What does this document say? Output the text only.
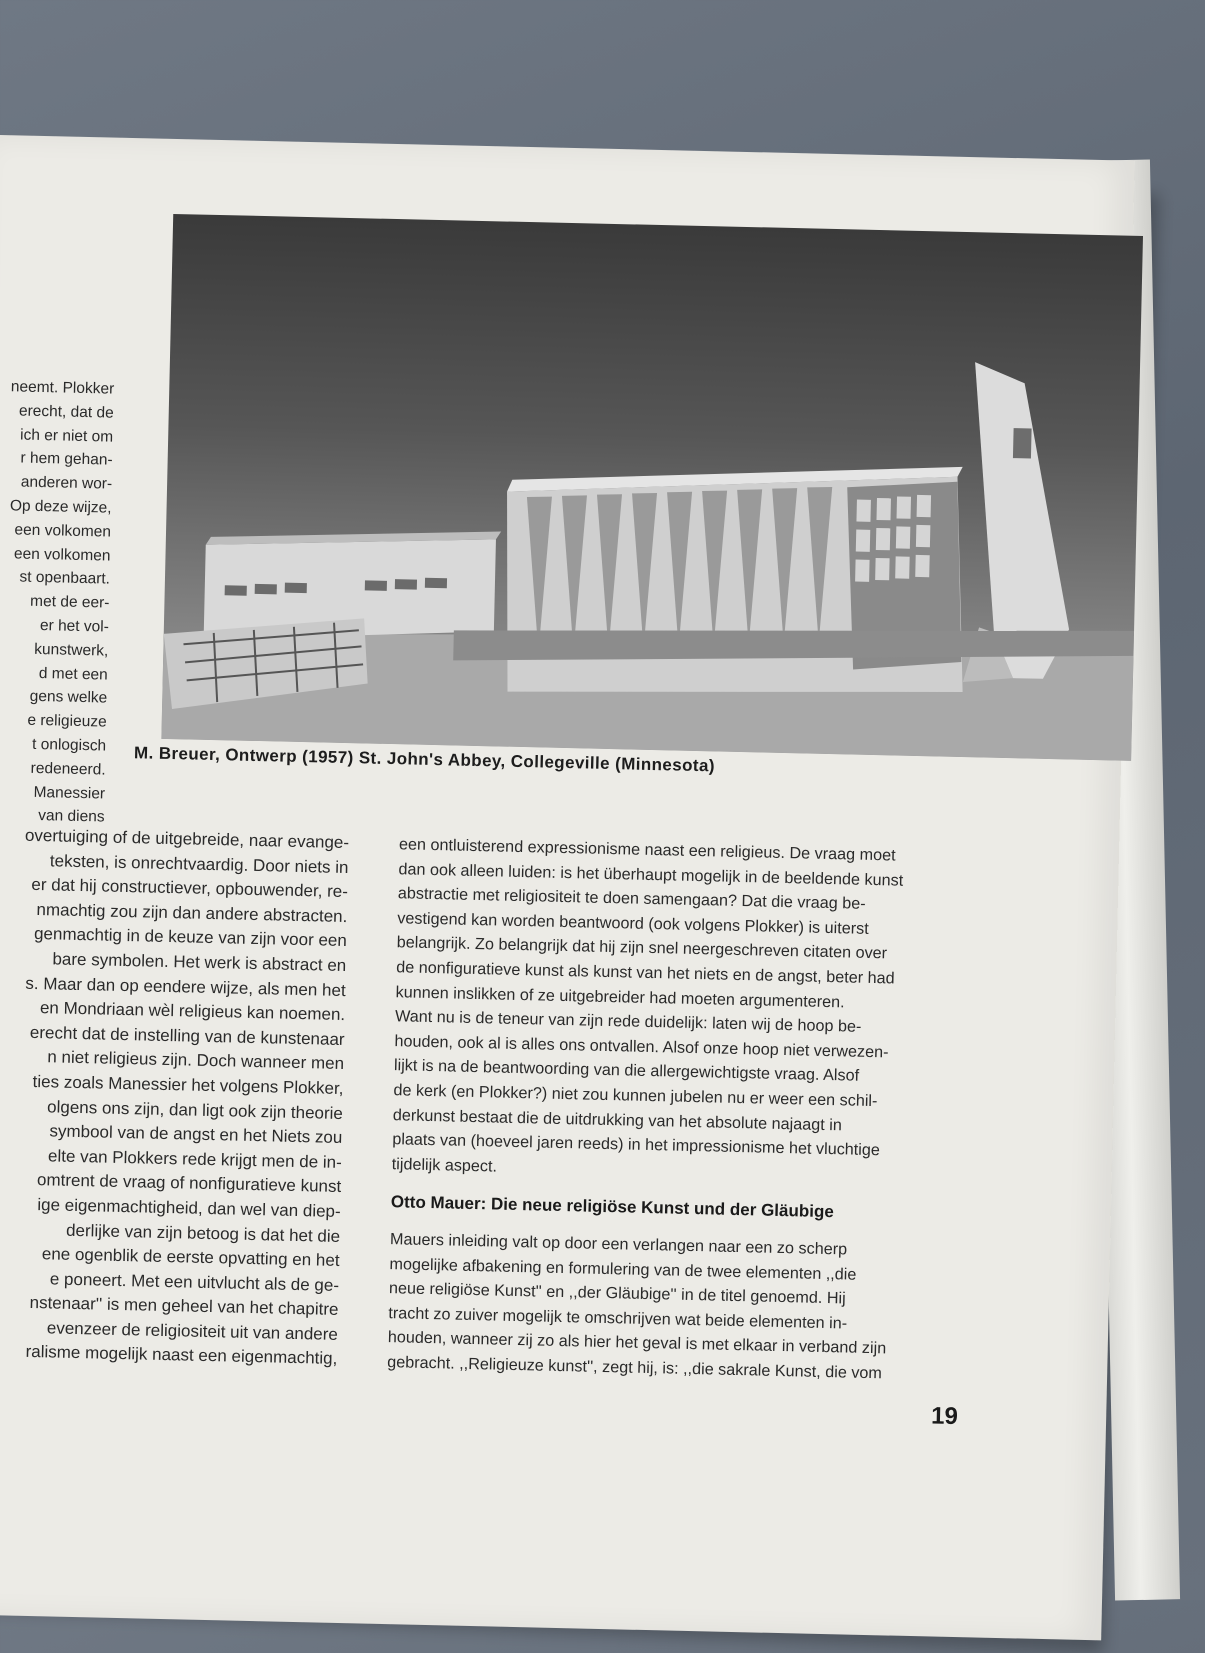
M. Breuer, Ontwerp (1957) St. John's Abbey, Collegeville (Minnesota)
neemt. Plokker
erecht, dat de
ich er niet om
r hem gehan-
anderen wor-
Op deze wijze,
een volkomen
een volkomen
st openbaart.
met de eer-
er het vol-
kunstwerk,
d met een
gens welke
e religieuze
t onlogisch
redeneerd.
Manessier
van diens
overtuiging of de uitgebreide, naar evange-
teksten, is onrechtvaardig. Door niets in
er dat hij constructiever, opbouwender, re-
nmachtig zou zijn dan andere abstracten.
genmachtig in de keuze van zijn voor een
bare symbolen. Het werk is abstract en
s. Maar dan op eendere wijze, als men het
en Mondriaan wèl religieus kan noemen.
erecht dat de instelling van de kunstenaar
n niet religieus zijn. Doch wanneer men
ties zoals Manessier het volgens Plokker,
olgens ons zijn, dan ligt ook zijn theorie
symbool van de angst en het Niets zou
elte van Plokkers rede krijgt men de in-
omtrent de vraag of nonfiguratieve kunst
ige eigenmachtigheid, dan wel van diep-
derlijke van zijn betoog is dat het die
ene ogenblik de eerste opvatting en het
e poneert. Met een uitvlucht als de ge-
nstenaar'' is men geheel van het chapitre
evenzeer de religiositeit uit van andere
ralisme mogelijk naast een eigenmachtig,
een ontluisterend expressionisme naast een religieus. De vraag moet
dan ook alleen luiden: is het überhaupt mogelijk in de beeldende kunst
abstractie met religiositeit te doen samengaan? Dat die vraag be-
vestigend kan worden beantwoord (ook volgens Plokker) is uiterst
belangrijk. Zo belangrijk dat hij zijn snel neergeschreven citaten over
de nonfiguratieve kunst als kunst van het niets en de angst, beter had
kunnen inslikken of ze uitgebreider had moeten argumenteren.
Want nu is de teneur van zijn rede duidelijk: laten wij de hoop be-
houden, ook al is alles ons ontvallen. Alsof onze hoop niet verwezen-
lijkt is na de beantwoording van die allergewichtigste vraag. Alsof
de kerk (en Plokker?) niet zou kunnen jubelen nu er weer een schil-
derkunst bestaat die de uitdrukking van het absolute najaagt in
plaats van (hoeveel jaren reeds) in het impressionisme het vluchtige
tijdelijk aspect.
Otto Mauer: Die neue religiöse Kunst und der Gläubige
Mauers inleiding valt op door een verlangen naar een zo scherp
mogelijke afbakening en formulering van de twee elementen ,,die
neue religiöse Kunst'' en ,,der Gläubige'' in de titel genoemd. Hij
tracht zo zuiver mogelijk te omschrijven wat beide elementen in-
houden, wanneer zij zo als hier het geval is met elkaar in verband zijn
gebracht. ,,Religieuze kunst'', zegt hij, is: ,,die sakrale Kunst, die vom
19
